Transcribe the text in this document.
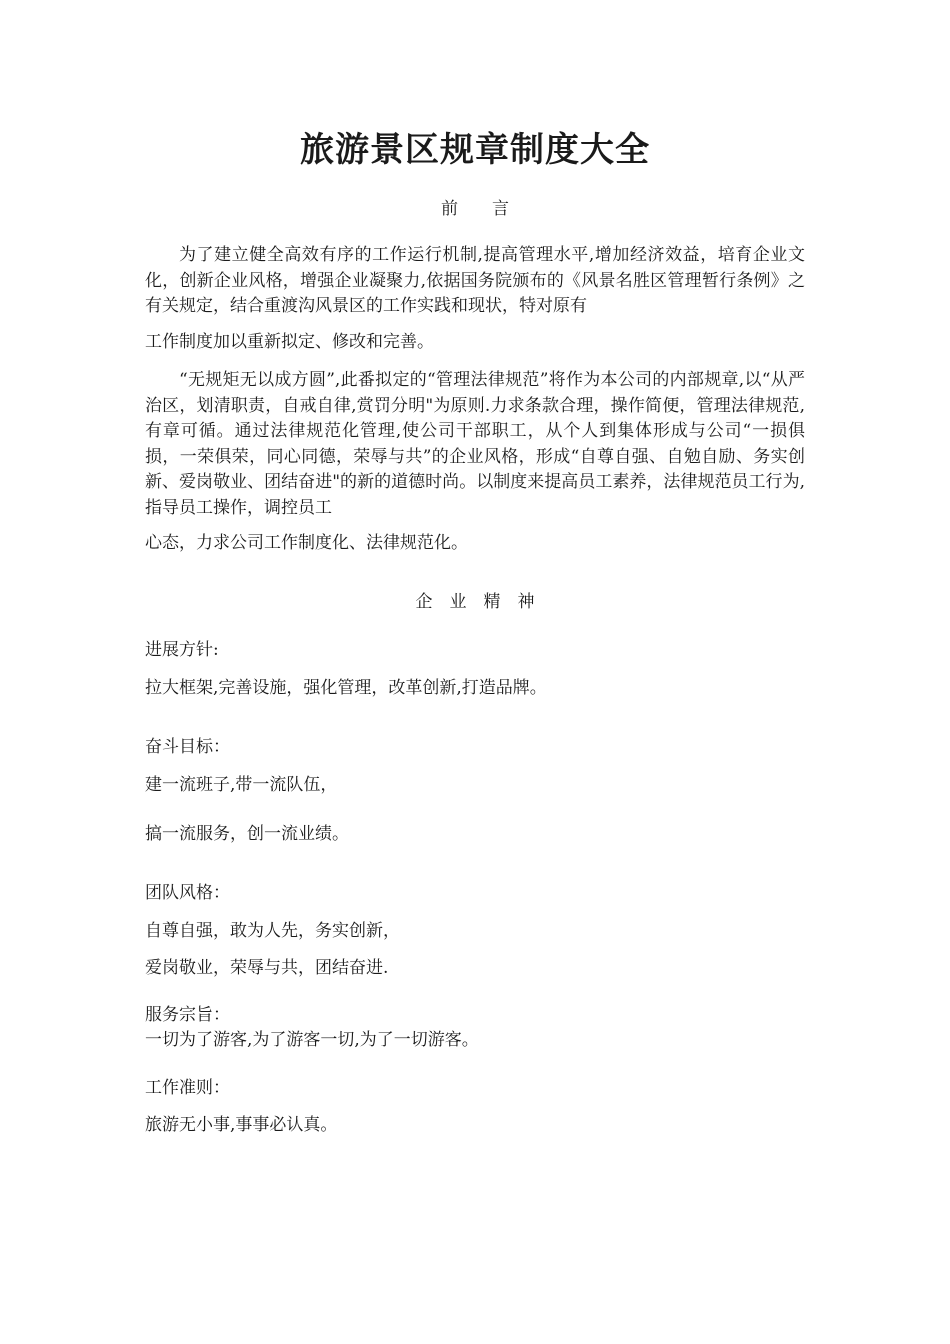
旅游景区规章制度大全
前　　言

为了建立健全高效有序的工作运行机制,提高管理水平,增加经济效益，培育企业文化，创新企业风格，增强企业凝聚力,依据国务院颁布的《风景名胜区管理暂行条例》之有关规定，结合重渡沟风景区的工作实践和现状，特对原有
工作制度加以重新拟定、修改和完善。

“无规矩无以成方圆”,此番拟定的“管理法律规范”将作为本公司的内部规章,以“从严治区，划清职责，自戒自律,赏罚分明"为原则.力求条款合理，操作简便，管理法律规范,有章可循。通过法律规范化管理,使公司干部职工，从个人到集体形成与公司“一损俱损，一荣俱荣，同心同德，荣辱与共”的企业风格，形成“自尊自强、自勉自励、务实创新、爱岗敬业、团结奋进"的新的道德时尚。以制度来提高员工素养，法律规范员工行为,指导员工操作，调控员工
心态，力求公司工作制度化、法律规范化。

企　业　精　神
进展方针:
拉大框架,完善设施，强化管理，改革创新,打造品牌。
奋斗目标：
建一流班子,带一流队伍，
搞一流服务，创一流业绩。
团队风格：
自尊自强，敢为人先，务实创新，
爱岗敬业，荣辱与共，团结奋进.
服务宗旨：
一切为了游客,为了游客一切,为了一切游客。
工作准则：
旅游无小事,事事必认真。
